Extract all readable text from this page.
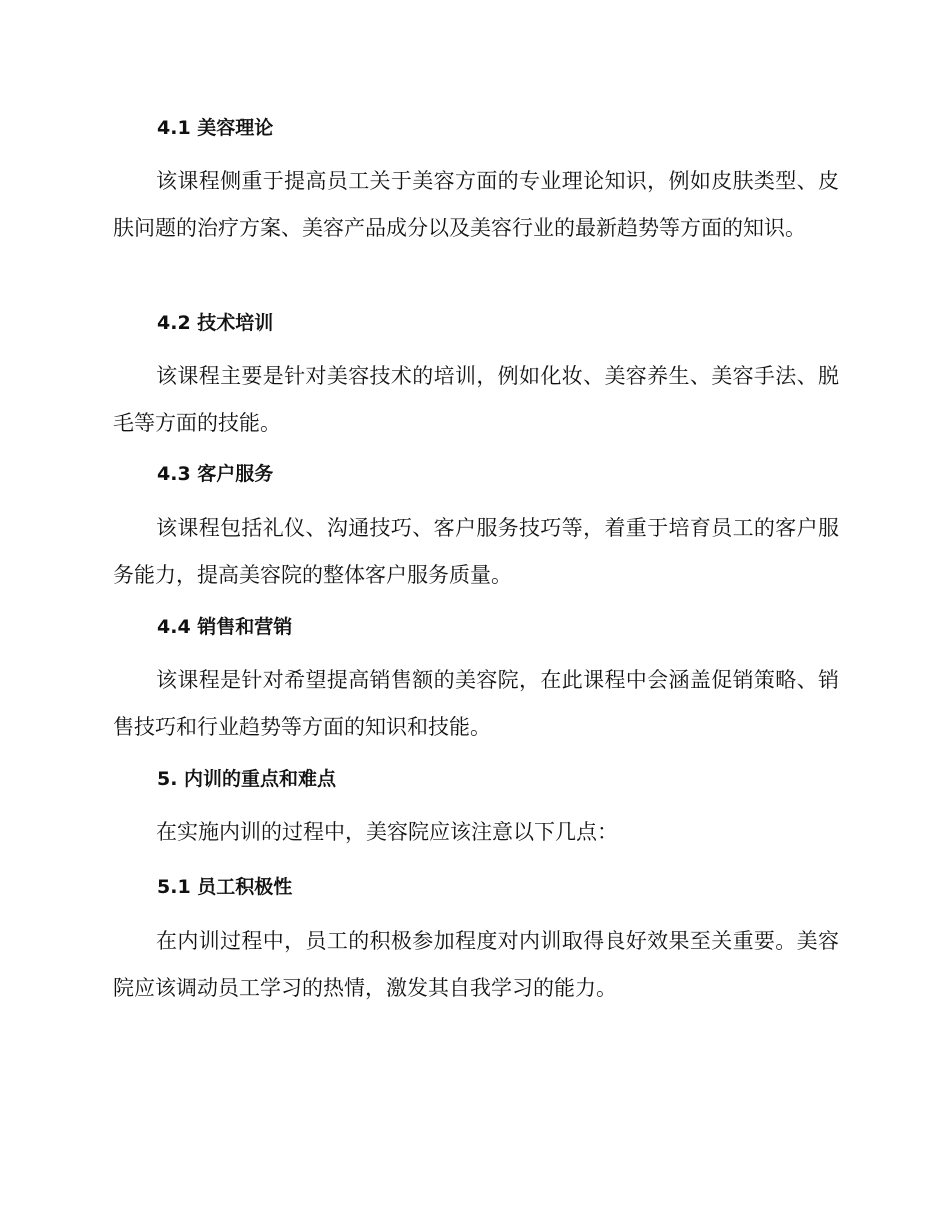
4.1 美容理论
该课程侧重于提高员工关于美容方面的专业理论知识，例如皮肤类型、皮肤问题的治疗方案、美容产品成分以及美容行业的最新趋势等方面的知识。
4.2 技术培训
该课程主要是针对美容技术的培训，例如化妆、美容养生、美容手法、脱毛等方面的技能。
4.3 客户服务
该课程包括礼仪、沟通技巧、客户服务技巧等，着重于培育员工的客户服务能力，提高美容院的整体客户服务质量。
4.4 销售和营销
该课程是针对希望提高销售额的美容院，在此课程中会涵盖促销策略、销售技巧和行业趋势等方面的知识和技能。
5. 内训的重点和难点
在实施内训的过程中，美容院应该注意以下几点：
5.1 员工积极性
在内训过程中，员工的积极参加程度对内训取得良好效果至关重要。美容院应该调动员工学习的热情，激发其自我学习的能力。
